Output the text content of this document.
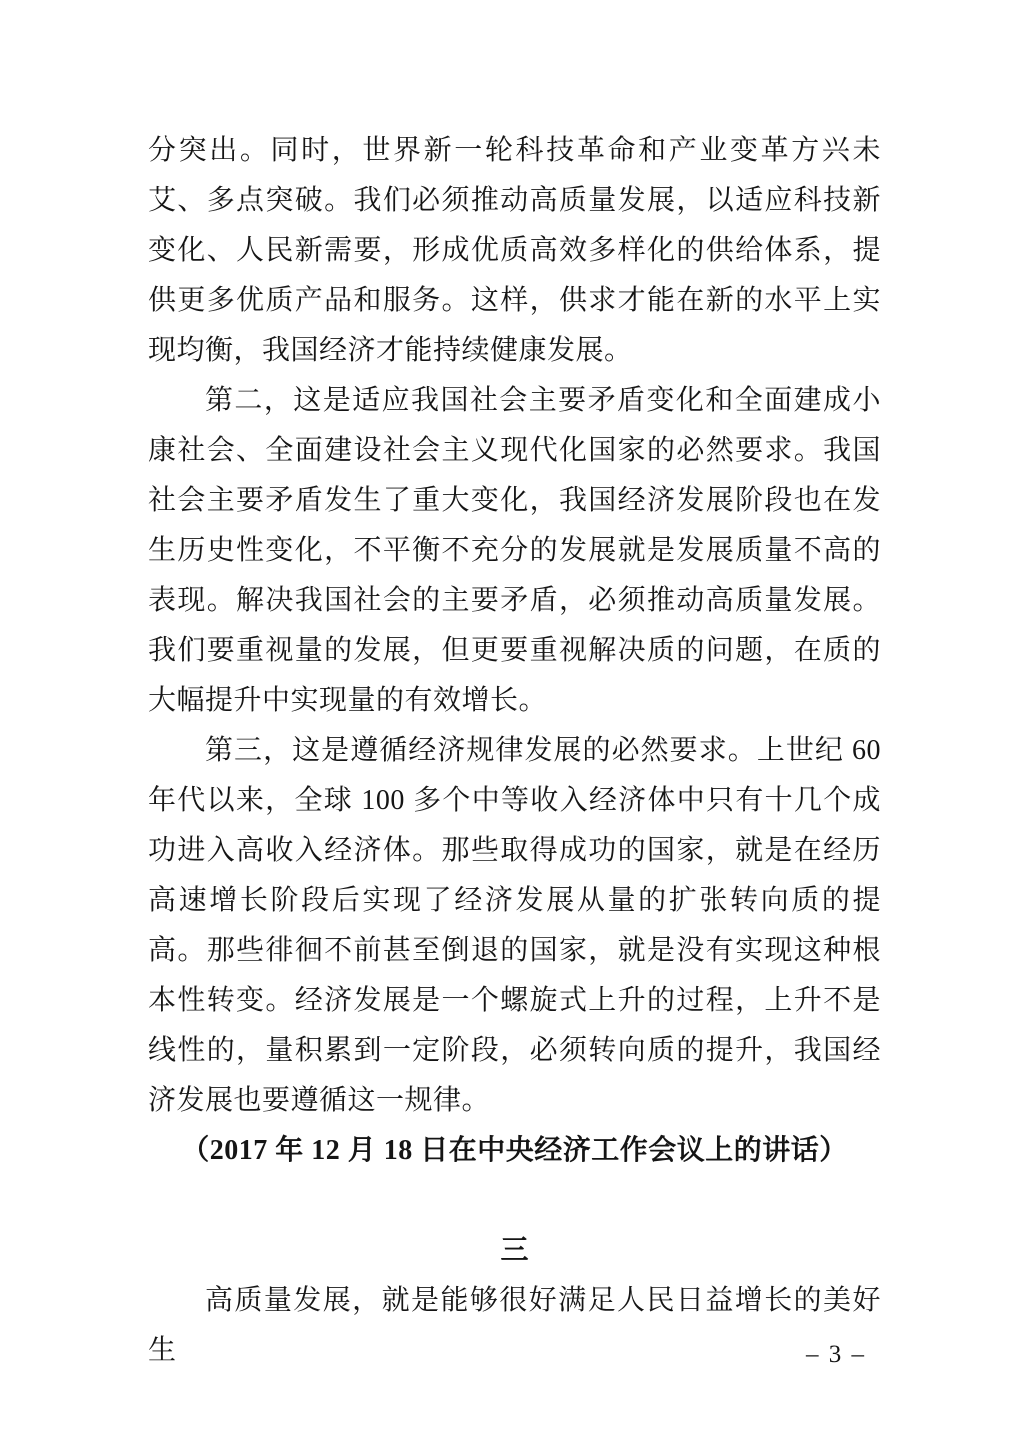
分突出。同时，世界新一轮科技革命和产业变革方兴未艾、多点突破。我们必须推动高质量发展，以适应科技新变化、人民新需要，形成优质高效多样化的供给体系，提供更多优质产品和服务。这样，供求才能在新的水平上实现均衡，我国经济才能持续健康发展。

第二，这是适应我国社会主要矛盾变化和全面建成小康社会、全面建设社会主义现代化国家的必然要求。我国社会主要矛盾发生了重大变化，我国经济发展阶段也在发生历史性变化，不平衡不充分的发展就是发展质量不高的表现。解决我国社会的主要矛盾，必须推动高质量发展。我们要重视量的发展，但更要重视解决质的问题，在质的大幅提升中实现量的有效增长。

第三，这是遵循经济规律发展的必然要求。上世纪 60 年代以来，全球 100 多个中等收入经济体中只有十几个成功进入高收入经济体。那些取得成功的国家，就是在经历高速增长阶段后实现了经济发展从量的扩张转向质的提高。那些徘徊不前甚至倒退的国家，就是没有实现这种根本性转变。经济发展是一个螺旋式上升的过程，上升不是线性的，量积累到一定阶段，必须转向质的提升，我国经济发展也要遵循这一规律。

（2017 年 12 月 18 日在中央经济工作会议上的讲话）

三

高质量发展，就是能够很好满足人民日益增长的美好生	– 3 –
